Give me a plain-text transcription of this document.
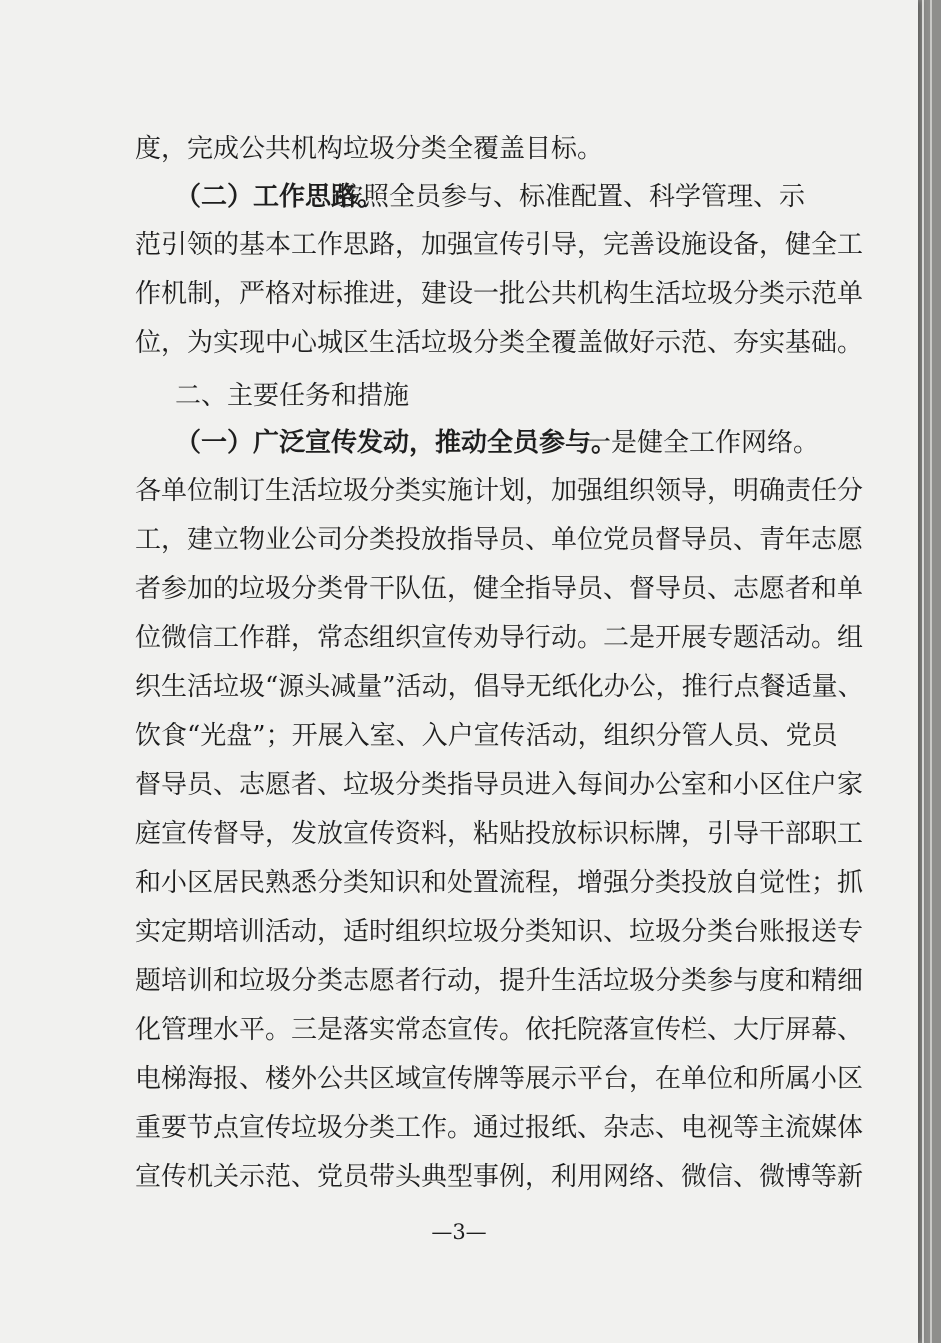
度，完成公共机构垃圾分类全覆盖目标。
（二）工作思路。
按照全员参与、标准配置、科学管理、示
范引领的基本工作思路，加强宣传引导，完善设施设备，健全工
作机制，严格对标推进，建设一批公共机构生活垃圾分类示范单
位，为实现中心城区生活垃圾分类全覆盖做好示范、夯实基础。
二、主要任务和措施
（一）广泛宣传发动，推动全员参与。
一是健全工作网络。
各单位制订生活垃圾分类实施计划，加强组织领导，明确责任分
工，建立物业公司分类投放指导员、单位党员督导员、青年志愿
者参加的垃圾分类骨干队伍，健全指导员、督导员、志愿者和单
位微信工作群，常态组织宣传劝导行动。二是开展专题活动。组
织生活垃圾“源头减量”活动，倡导无纸化办公，推行点餐适量、
饮食“光盘”；开展入室、入户宣传活动，组织分管人员、党员
督导员、志愿者、垃圾分类指导员进入每间办公室和小区住户家
庭宣传督导，发放宣传资料，粘贴投放标识标牌，引导干部职工
和小区居民熟悉分类知识和处置流程，增强分类投放自觉性；抓
实定期培训活动，适时组织垃圾分类知识、垃圾分类台账报送专
题培训和垃圾分类志愿者行动，提升生活垃圾分类参与度和精细
化管理水平。三是落实常态宣传。依托院落宣传栏、大厅屏幕、
电梯海报、楼外公共区域宣传牌等展示平台，在单位和所属小区
重要节点宣传垃圾分类工作。通过报纸、杂志、电视等主流媒体
宣传机关示范、党员带头典型事例，利用网络、微信、微博等新
—3—
